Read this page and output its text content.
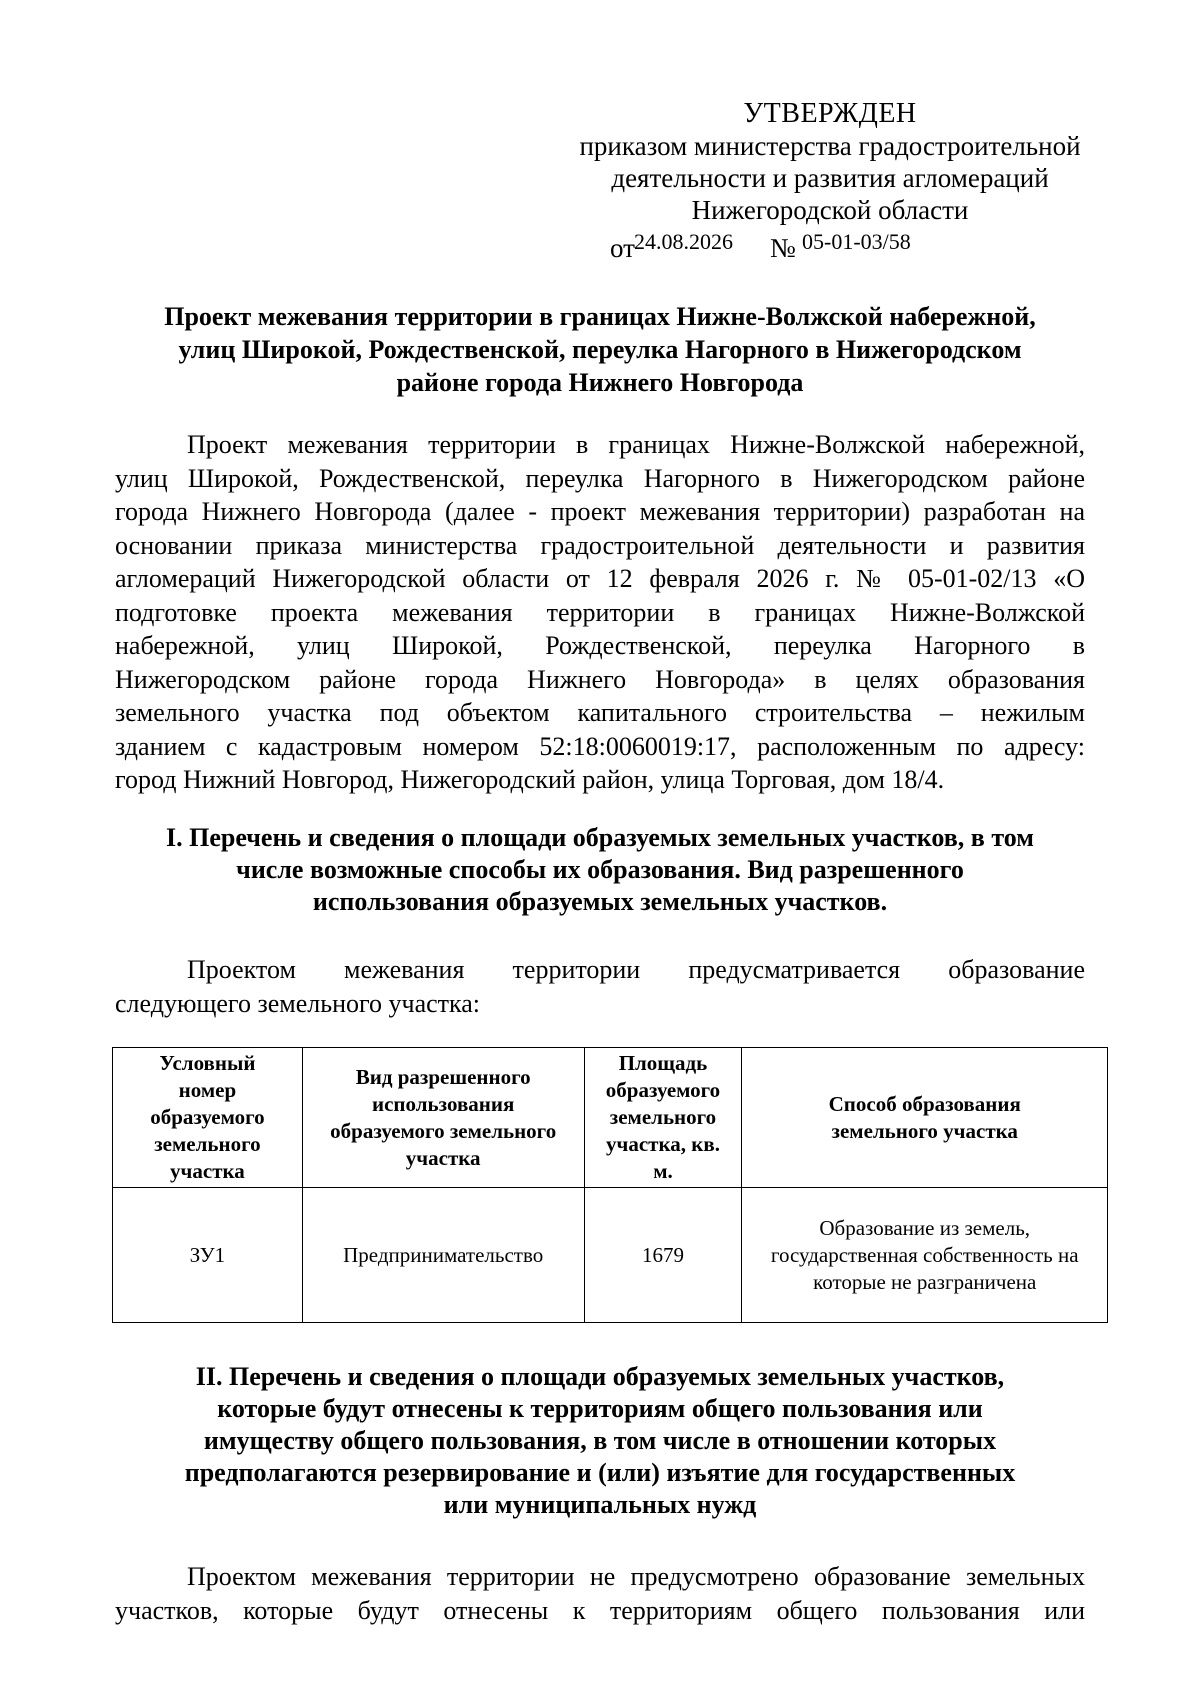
УТВЕРЖДЕН
приказом министерства градостроительной
деятельности и развития агломераций
Нижегородской области
от 24.08.2026 № 05-01-03/58
Проект межевания территории в границах Нижне-Волжской набережной,
улиц Широкой, Рождественской, переулка Нагорного в Нижегородском
районе города Нижнего Новгорода
Проект межевания территории в границах Нижне-Волжской набережной,
улиц Широкой, Рождественской, переулка Нагорного в Нижегородском районе
города Нижнего Новгорода (далее - проект межевания территории) разработан на
основании приказа министерства градостроительной деятельности и развития
агломераций Нижегородской области от 12 февраля 2026 г. № 05-01-02/13 «О
подготовке проекта межевания территории в границах Нижне-Волжской
набережной, улиц Широкой, Рождественской, переулка Нагорного в
Нижегородском районе города Нижнего Новгорода» в целях образования
земельного участка под объектом капитального строительства – нежилым
зданием с кадастровым номером 52:18:0060019:17, расположенным по адресу:
город Нижний Новгород, Нижегородский район, улица Торговая, дом 18/4.
I. Перечень и сведения о площади образуемых земельных участков, в том
числе возможные способы их образования. Вид разрешенного
использования образуемых земельных участков.
Проектом межевания территории предусматривается образование
следующего земельного участка:
Условный номер образуемого земельного участка	Вид разрешенного использования образуемого земельного участка	Площадь образуемого земельного участка, кв. м.	Способ образования земельного участка
ЗУ1	Предпринимательство	1679	Образование из земель, государственная собственность на которые не разграничена
II. Перечень и сведения о площади образуемых земельных участков,
которые будут отнесены к территориям общего пользования или
имуществу общего пользования, в том числе в отношении которых
предполагаются резервирование и (или) изъятие для государственных
или муниципальных нужд
Проектом межевания территории не предусмотрено образование земельных
участков, которые будут отнесены к территориям общего пользования или
